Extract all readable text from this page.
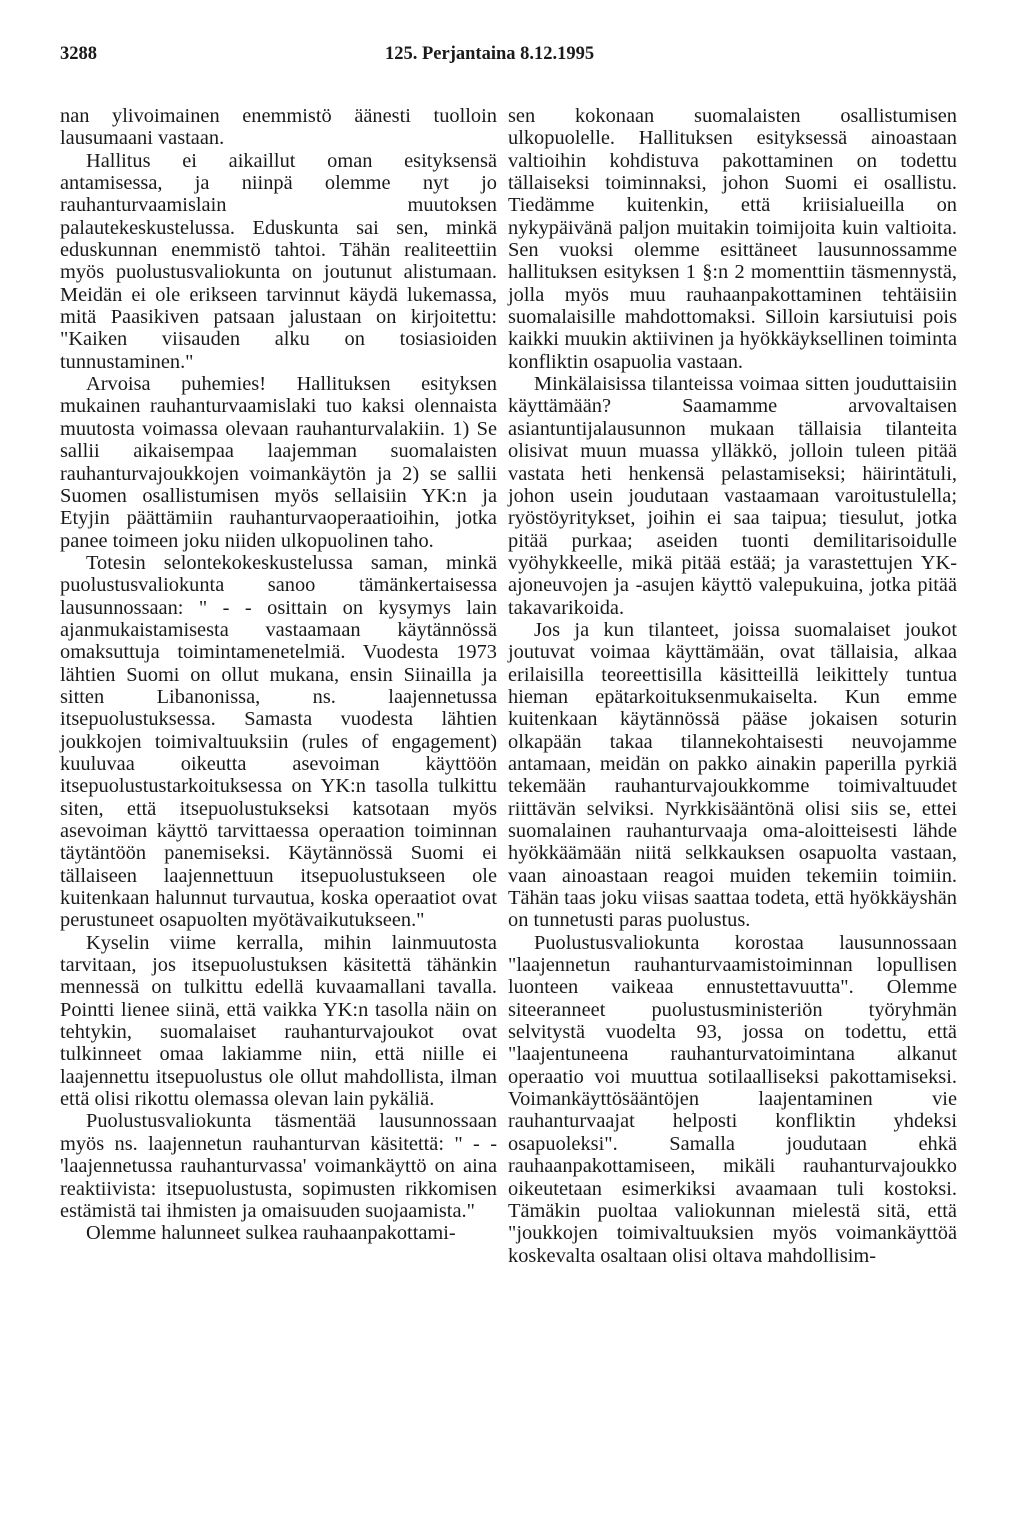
3288	125. Perjantaina 8.12.1995

nan ylivoimainen enemmistö äänesti tuolloin lausumaani vastaan.

Hallitus ei aikaillut oman esityksensä antamisessa, ja niinpä olemme nyt jo rauhanturvaamislain muutoksen palautekeskustelussa. Eduskunta sai sen, minkä eduskunnan enemmistö tahtoi. Tähän realiteettiin myös puolustusvaliokunta on joutunut alistumaan. Meidän ei ole erikseen tarvinnut käydä lukemassa, mitä Paasikiven patsaan jalustaan on kirjoitettu: "Kaiken viisauden alku on tosiasioiden tunnustaminen."

Arvoisa puhemies! Hallituksen esityksen mukainen rauhanturvaamislaki tuo kaksi olennaista muutosta voimassa olevaan rauhanturvalakiin. 1) Se sallii aikaisempaa laajemman suomalaisten rauhanturvajoukkojen voimankäytön ja 2) se sallii Suomen osallistumisen myös sellaisiin YK:n ja Etyjin päättämiin rauhanturvaoperaatioihin, jotka panee toimeen joku niiden ulkopuolinen taho.

Totesin selontekokeskustelussa saman, minkä puolustusvaliokunta sanoo tämänkertaisessa lausunnossaan: " - - osittain on kysymys lain ajanmukaistamisesta vastaamaan käytännössä omaksuttuja toimintamenetelmiä. Vuodesta 1973 lähtien Suomi on ollut mukana, ensin Siinailla ja sitten Libanonissa, ns. laajennetussa itsepuolustuksessa. Samasta vuodesta lähtien joukkojen toimivaltuuksiin (rules of engagement) kuuluvaa oikeutta asevoiman käyttöön itsepuolustustarkoituksessa on YK:n tasolla tulkittu siten, että itsepuolustukseksi katsotaan myös asevoiman käyttö tarvittaessa operaation toiminnan täytäntöön panemiseksi. Käytännössä Suomi ei tällaiseen laajennettuun itsepuolustukseen ole kuitenkaan halunnut turvautua, koska operaatiot ovat perustuneet osapuolten myötävaikutukseen."

Kyselin viime kerralla, mihin lainmuutosta tarvitaan, jos itsepuolustuksen käsitettä tähänkin mennessä on tulkittu edellä kuvaamallani tavalla. Pointti lienee siinä, että vaikka YK:n tasolla näin on tehtykin, suomalaiset rauhanturvajoukot ovat tulkinneet omaa lakiamme niin, että niille ei laajennettu itsepuolustus ole ollut mahdollista, ilman että olisi rikottu olemassa olevan lain pykäliä.

Puolustusvaliokunta täsmentää lausunnossaan myös ns. laajennetun rauhanturvan käsitettä: " - - 'laajennetussa rauhanturvassa' voimankäyttö on aina reaktiivista: itsepuolustusta, sopimusten rikkomisen estämistä tai ihmisten ja omaisuuden suojaamista."

Olemme halunneet sulkea rauhaanpakottami-

sen kokonaan suomalaisten osallistumisen ulkopuolelle. Hallituksen esityksessä ainoastaan valtioihin kohdistuva pakottaminen on todettu tällaiseksi toiminnaksi, johon Suomi ei osallistu. Tiedämme kuitenkin, että kriisialueilla on nykypäivänä paljon muitakin toimijoita kuin valtioita. Sen vuoksi olemme esittäneet lausunnossamme hallituksen esityksen 1 §:n 2 momenttiin täsmennystä, jolla myös muu rauhaanpakottaminen tehtäisiin suomalaisille mahdottomaksi. Silloin karsiutuisi pois kaikki muukin aktiivinen ja hyökkäyksellinen toiminta konfliktin osapuolia vastaan.

Minkälaisissa tilanteissa voimaa sitten jouduttaisiin käyttämään? Saamamme arvovaltaisen asiantuntijalausunnon mukaan tällaisia tilanteita olisivat muun muassa ylläkkö, jolloin tuleen pitää vastata heti henkensä pelastamiseksi; häirintätuli, johon usein joudutaan vastaamaan varoitustulella; ryöstöyritykset, joihin ei saa taipua; tiesulut, jotka pitää purkaa; aseiden tuonti demilitarisoidulle vyöhykkeelle, mikä pitää estää; ja varastettujen YK-ajoneuvojen ja -asujen käyttö valepukuina, jotka pitää takavarikoida.

Jos ja kun tilanteet, joissa suomalaiset joukot joutuvat voimaa käyttämään, ovat tällaisia, alkaa erilaisilla teoreettisilla käsitteillä leikittely tuntua hieman epätarkoituksenmukaiselta. Kun emme kuitenkaan käytännössä pääse jokaisen soturin olkapään takaa tilannekohtaisesti neuvojamme antamaan, meidän on pakko ainakin paperilla pyrkiä tekemään rauhanturvajoukkomme toimivaltuudet riittävän selviksi. Nyrkkisääntönä olisi siis se, ettei suomalainen rauhanturvaaja oma-aloitteisesti lähde hyökkäämään niitä selkkauksen osapuolta vastaan, vaan ainoastaan reagoi muiden tekemiin toimiin. Tähän taas joku viisas saattaa todeta, että hyökkäyshän on tunnetusti paras puolustus.

Puolustusvaliokunta korostaa lausunnossaan "laajennetun rauhanturvaamistoiminnan lopullisen luonteen vaikeaa ennustettavuutta". Olemme siteeranneet puolustusministeriön työryhmän selvitystä vuodelta 93, jossa on todettu, että "laajentuneena rauhanturvatoimintana alkanut operaatio voi muuttua sotilaalliseksi pakottamiseksi. Voimankäyttösääntöjen laajentaminen vie rauhanturvaajat helposti konfliktin yhdeksi osapuoleksi". Samalla joudutaan ehkä rauhaanpakottamiseen, mikäli rauhanturvajoukko oikeutetaan esimerkiksi avaamaan tuli kostoksi. Tämäkin puoltaa valiokunnan mielestä sitä, että "joukkojen toimivaltuuksien myös voimankäyttöä koskevalta osaltaan olisi oltava mahdollisim-
